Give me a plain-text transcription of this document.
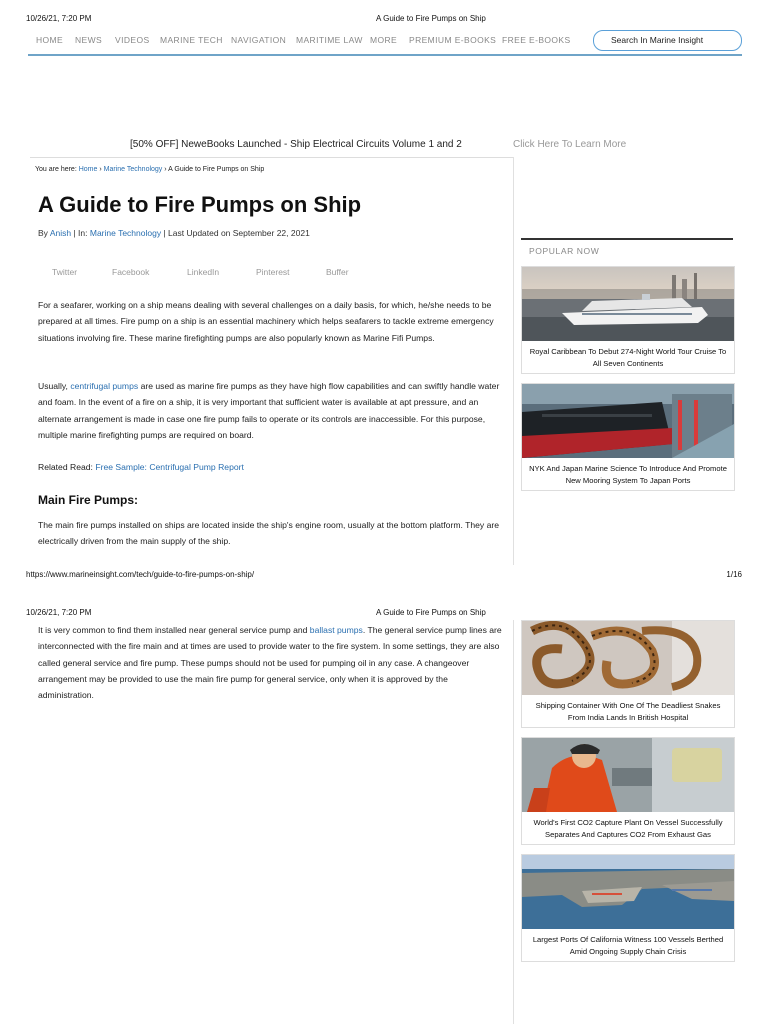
10/26/21, 7:20 PM	A Guide to Fire Pumps on Ship
HOME NEWS VIDEOS MARINE TECH NAVIGATION MARITIME LAW MORE PREMIUM E-BOOKS FREE E-BOOKS	Search In Marine Insight
[50% OFF] NeweBooks Launched - Ship Electrical Circuits Volume 1 and 2	Click Here To Learn More
You are here: Home › Marine Technology › A Guide to Fire Pumps on Ship
A Guide to Fire Pumps on Ship
By Anish | In: Marine Technology | Last Updated on September 22, 2021
Twitter	Facebook	LinkedIn	Pinterest	Buffer

For a seafarer, working on a ship means dealing with several challenges on a daily basis, for which, he/she needs to be prepared at all times. Fire pump on a ship is an essential machinery which helps seafarers to tackle extreme emergency situations involving fire. These marine firefighting pumps are also popularly known as Marine Fifi Pumps.

Usually, centrifugal pumps are used as marine fire pumps as they have high flow capabilities and can swiftly handle water and foam. In the event of a fire on a ship, it is very important that sufficient water is available at apt pressure, and an alternate arrangement is made in case one fire pump fails to operate or its controls are inaccessible. For this purpose, multiple marine firefighting pumps are required on board.

Related Read: Free Sample: Centrifugal Pump Report
Main Fire Pumps:

The main fire pumps installed on ships are located inside the ship's engine room, usually at the bottom platform. They are electrically driven from the main supply of the ship.

POPULAR NOW
Royal Caribbean To Debut 274-Night World Tour Cruise To All Seven Continents
NYK And Japan Marine Science To Introduce And Promote New Mooring System To Japan Ports
https://www.marineinsight.com/tech/guide-to-fire-pumps-on-ship/	1/16
10/26/21, 7:20 PM	A Guide to Fire Pumps on Ship

It is very common to find them installed near general service pump and ballast pumps. The general service pump lines are interconnected with the fire main and at times are used to provide water to the fire system. In some settings, they are also called general service and fire pump. These pumps should not be used for pumping oil in any case. A changeover arrangement may be provided to use the main fire pump for general service, only when it is approved by the administration.

Shipping Container With One Of The Deadliest Snakes From India Lands In British Hospital
World's First CO2 Capture Plant On Vessel Successfully Separates And Captures CO2 From Exhaust Gas
Largest Ports Of California Witness 100 Vessels Berthed Amid Ongoing Supply Chain Crisis
